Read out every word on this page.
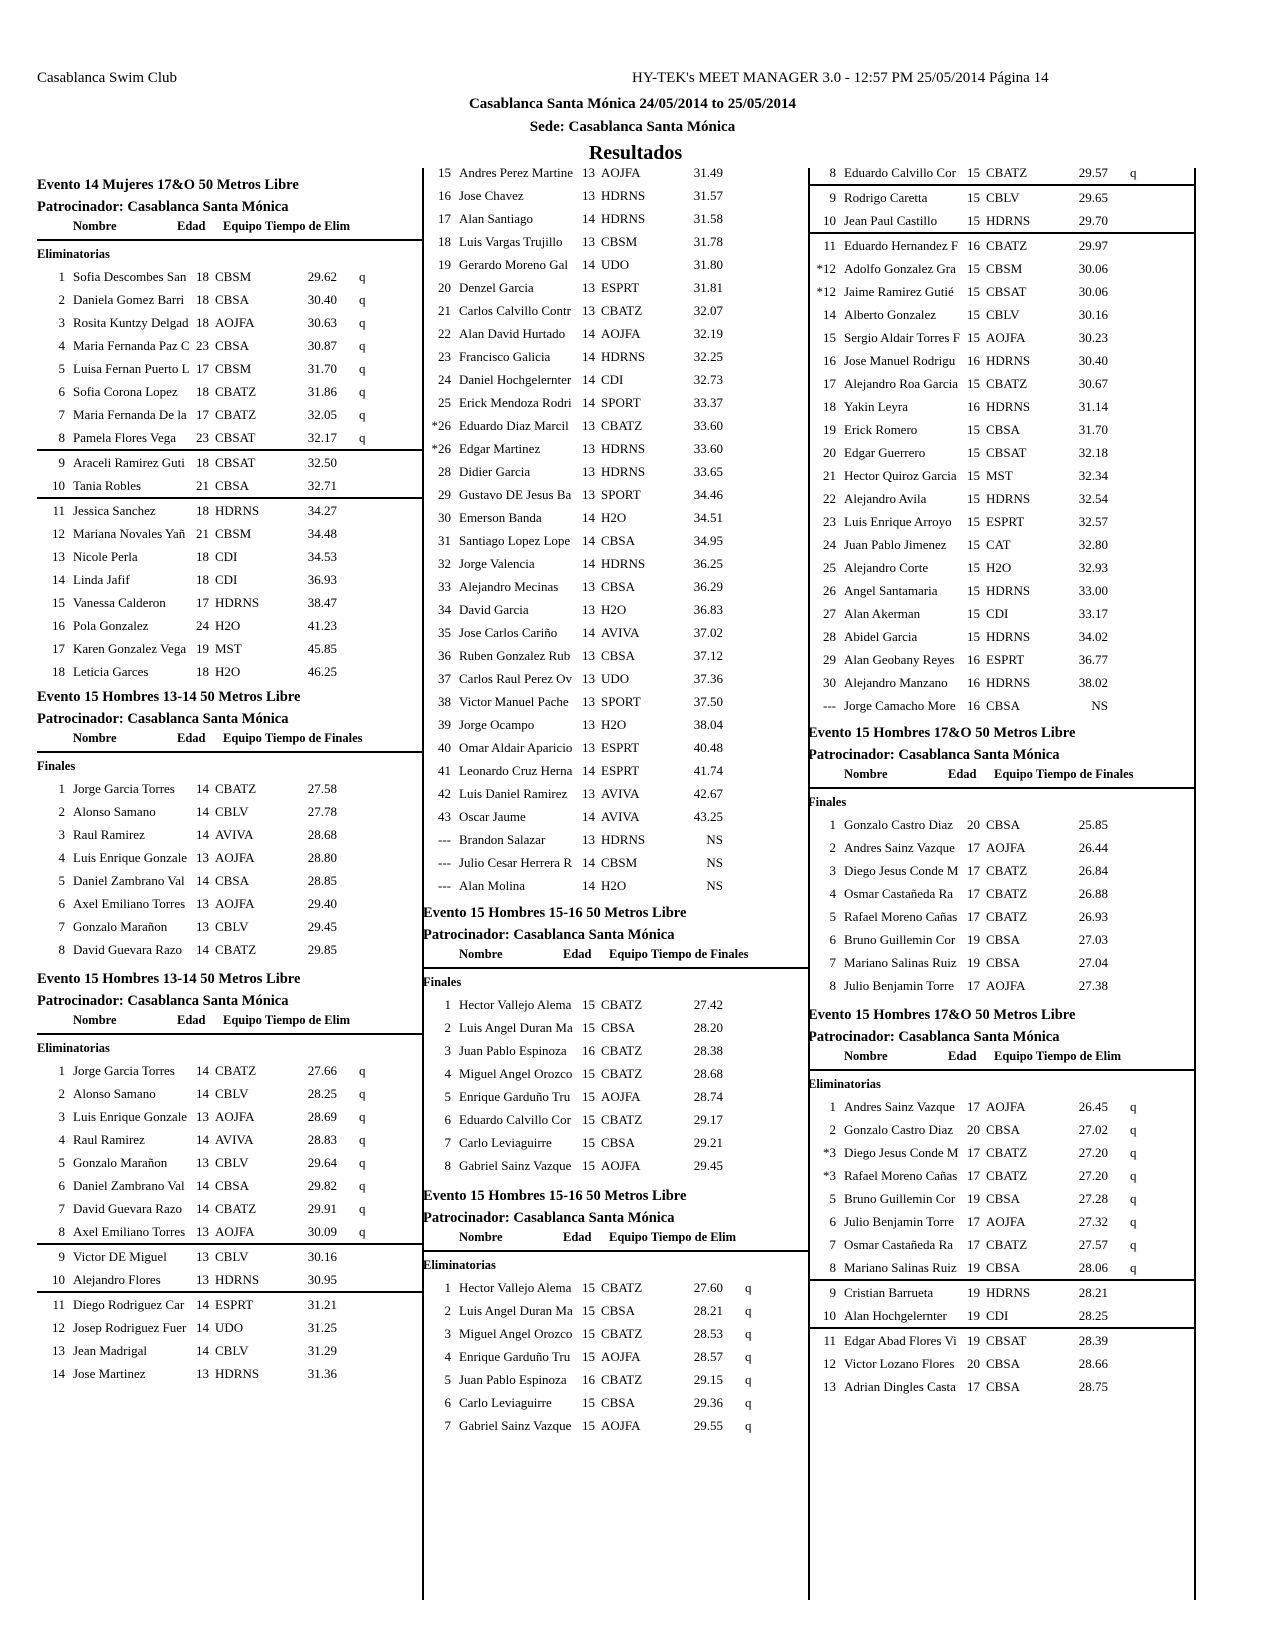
Casablanca Swim Club	HY-TEK's MEET MANAGER 3.0 - 12:57 PM 25/05/2014 Página 14
Casablanca Santa Mónica 24/05/2014 to 25/05/2014
Sede: Casablanca Santa Mónica
Resultados
Evento 14 Mujeres 17&O 50 Metros Libre
Patrocinador: Casablanca Santa Mónica
Nombre	Edad Equipo Tiempo de Elim
Eliminatorias
1 Sofia Descombes San 18 CBSM	29.62 q
2 Daniela Gomez Barri 18 CBSA	30.40 q
3 Rosita Kuntzy Delgad 18 AOJFA	30.63 q
4 Maria Fernanda Paz C 23 CBSA	30.87 q
5 Luisa Fernan Puerto L 17 CBSM	31.70 q
6 Sofia Corona Lopez	18 CBATZ	31.86 q
7 Maria Fernanda De la 17 CBATZ	32.05 q
8 Pamela Flores Vega	23 CBSAT	32.17 q
9 Araceli Ramirez Guti 18 CBSAT	32.50
10 Tania Robles	21 CBSA	32.71
11 Jessica Sanchez	18 HDRNS	34.27
12 Mariana Novales Yañ 21 CBSM	34.48
13 Nicole Perla	18 CDI	34.53
14 Linda Jafif	18 CDI	36.93
15 Vanessa Calderon	17 HDRNS	38.47
16 Pola Gonzalez	24 H2O	41.23
17 Karen Gonzalez Vega 19 MST	45.85
18 Leticia Garces	18 H2O	46.25
Evento 15 Hombres 13-14 50 Metros Libre
Patrocinador: Casablanca Santa Mónica
Nombre	Edad Equipo Tiempo de Finales
Finales
1 Jorge Garcia Torres	14 CBATZ	27.58
2 Alonso Samano	14 CBLV	27.78
3 Raul Ramirez	14 AVIVA	28.68
4 Luis Enrique Gonzale 13 AOJFA	28.80
5 Daniel Zambrano Val 14 CBSA	28.85
6 Axel Emiliano Torres 13 AOJFA	29.40
7 Gonzalo Marañon	13 CBLV	29.45
8 David Guevara Razo	14 CBATZ	29.85
Evento 15 Hombres 13-14 50 Metros Libre
Patrocinador: Casablanca Santa Mónica
Nombre	Edad Equipo Tiempo de Elim
Eliminatorias
1 Jorge Garcia Torres	14 CBATZ	27.66 q
2 Alonso Samano	14 CBLV	28.25 q
3 Luis Enrique Gonzale 13 AOJFA	28.69 q
4 Raul Ramirez	14 AVIVA	28.83 q
5 Gonzalo Marañon	13 CBLV	29.64 q
6 Daniel Zambrano Val 14 CBSA	29.82 q
7 David Guevara Razo	14 CBATZ	29.91 q
8 Axel Emiliano Torres 13 AOJFA	30.09 q
9 Victor DE Miguel	13 CBLV	30.16
10 Alejandro Flores	13 HDRNS	30.95
11 Diego Rodriguez Car 14 ESPRT	31.21
12 Josep Rodriguez Fuer 14 UDO	31.25
13 Jean Madrigal	14 CBLV	31.29
14 Jose Martinez	13 HDRNS	31.36
15 Andres Perez Martine 13 AOJFA	31.49
16 Jose Chavez	13 HDRNS	31.57
17 Alan Santiago	14 HDRNS	31.58
18 Luis Vargas Trujillo	13 CBSM	31.78
19 Gerardo Moreno Gal	14 UDO	31.80
20 Denzel Garcia	13 ESPRT	31.81
21 Carlos Calvillo Contr 13 CBATZ	32.07
22 Alan David Hurtado	14 AOJFA	32.19
23 Francisco Galicia	14 HDRNS	32.25
24 Daniel Hochgelernter 14 CDI	32.73
25 Erick Mendoza Rodri 14 SPORT	33.37
*26 Eduardo Diaz Marcil	13 CBATZ	33.60
*26 Edgar Martinez	13 HDRNS	33.60
28 Didier Garcia	13 HDRNS	33.65
29 Gustavo DE Jesus Ba 13 SPORT	34.46
30 Emerson Banda	14 H2O	34.51
31 Santiago Lopez Lope 14 CBSA	34.95
32 Jorge Valencia	14 HDRNS	36.25
33 Alejandro Mecinas	13 CBSA	36.29
34 David Garcia	13 H2O	36.83
35 Jose Carlos Cariño	14 AVIVA	37.02
36 Ruben Gonzalez Rub 13 CBSA	37.12
37 Carlos Raul Perez Ov 13 UDO	37.36
38 Victor Manuel Pache	13 SPORT	37.50
39 Jorge Ocampo	13 H2O	38.04
40 Omar Aldair Aparicio 13 ESPRT	40.48
41 Leonardo Cruz Herna 14 ESPRT	41.74
42 Luis Daniel Ramirez	13 AVIVA	42.67
43 Oscar Jaume	14 AVIVA	43.25
--- Brandon Salazar	13 HDRNS	NS
--- Julio Cesar Herrera R 14 CBSM	NS
--- Alan Molina	14 H2O	NS
Evento 15 Hombres 15-16 50 Metros Libre
Patrocinador: Casablanca Santa Mónica
Nombre	Edad Equipo Tiempo de Finales
Finales
1 Hector Vallejo Alema 15 CBATZ	27.42
2 Luis Angel Duran Ma 15 CBSA	28.20
3 Juan Pablo Espinoza	16 CBATZ	28.38
4 Miguel Angel Orozco 15 CBATZ	28.68
5 Enrique Garduño Tru 15 AOJFA	28.74
6 Eduardo Calvillo Cor 15 CBATZ	29.17
7 Carlo Leviaguirre	15 CBSA	29.21
8 Gabriel Sainz Vazque 15 AOJFA	29.45
Evento 15 Hombres 15-16 50 Metros Libre
Patrocinador: Casablanca Santa Mónica
Nombre	Edad Equipo Tiempo de Elim
Eliminatorias
1 Hector Vallejo Alema 15 CBATZ	27.60 q
2 Luis Angel Duran Ma 15 CBSA	28.21 q
3 Miguel Angel Orozco 15 CBATZ	28.53 q
4 Enrique Garduño Tru 15 AOJFA	28.57 q
5 Juan Pablo Espinoza	16 CBATZ	29.15 q
6 Carlo Leviaguirre	15 CBSA	29.36 q
7 Gabriel Sainz Vazque 15 AOJFA	29.55 q
8 Eduardo Calvillo Cor 15 CBATZ	29.57 q
9 Rodrigo Caretta	15 CBLV	29.65
10 Jean Paul Castillo	15 HDRNS	29.70
11 Eduardo Hernandez F 16 CBATZ	29.97
*12 Adolfo Gonzalez Gra 15 CBSM	30.06
*12 Jaime Ramirez Gutié	15 CBSAT	30.06
14 Alberto Gonzalez	15 CBLV	30.16
15 Sergio Aldair Torres F 15 AOJFA	30.23
16 Jose Manuel Rodrigu 16 HDRNS	30.40
17 Alejandro Roa Garcia 15 CBATZ	30.67
18 Yakin Leyra	16 HDRNS	31.14
19 Erick Romero	15 CBSA	31.70
20 Edgar Guerrero	15 CBSAT	32.18
21 Hector Quiroz Garcia 15 MST	32.34
22 Alejandro Avila	15 HDRNS	32.54
23 Luis Enrique Arroyo	15 ESPRT	32.57
24 Juan Pablo Jimenez	15 CAT	32.80
25 Alejandro Corte	15 H2O	32.93
26 Angel Santamaria	15 HDRNS	33.00
27 Alan Akerman	15 CDI	33.17
28 Abidel Garcia	15 HDRNS	34.02
29 Alan Geobany Reyes 16 ESPRT	36.77
30 Alejandro Manzano	16 HDRNS	38.02
--- Jorge Camacho More 16 CBSA	NS
Evento 15 Hombres 17&O 50 Metros Libre
Patrocinador: Casablanca Santa Mónica
Nombre	Edad Equipo Tiempo de Finales
Finales
1 Gonzalo Castro Diaz	20 CBSA	25.85
2 Andres Sainz Vazque 17 AOJFA	26.44
3 Diego Jesus Conde M 17 CBATZ	26.84
4 Osmar Castañeda Ra	17 CBATZ	26.88
5 Rafael Moreno Cañas 17 CBATZ	26.93
6 Bruno Guillemin Cor 19 CBSA	27.03
7 Mariano Salinas Ruiz 19 CBSA	27.04
8 Julio Benjamin Torre 17 AOJFA	27.38
Evento 15 Hombres 17&O 50 Metros Libre
Patrocinador: Casablanca Santa Mónica
Nombre	Edad Equipo Tiempo de Elim
Eliminatorias
1 Andres Sainz Vazque 17 AOJFA	26.45 q
2 Gonzalo Castro Diaz	20 CBSA	27.02 q
*3 Diego Jesus Conde M 17 CBATZ	27.20 q
*3 Rafael Moreno Cañas 17 CBATZ	27.20 q
5 Bruno Guillemin Cor 19 CBSA	27.28 q
6 Julio Benjamin Torre 17 AOJFA	27.32 q
7 Osmar Castañeda Ra	17 CBATZ	27.57 q
8 Mariano Salinas Ruiz 19 CBSA	28.06 q
9 Cristian Barrueta	19 HDRNS	28.21
10 Alan Hochgelernter	19 CDI	28.25
11 Edgar Abad Flores Vi 19 CBSAT	28.39
12 Victor Lozano Flores 20 CBSA	28.66
13 Adrian Dingles Casta 17 CBSA	28.75
